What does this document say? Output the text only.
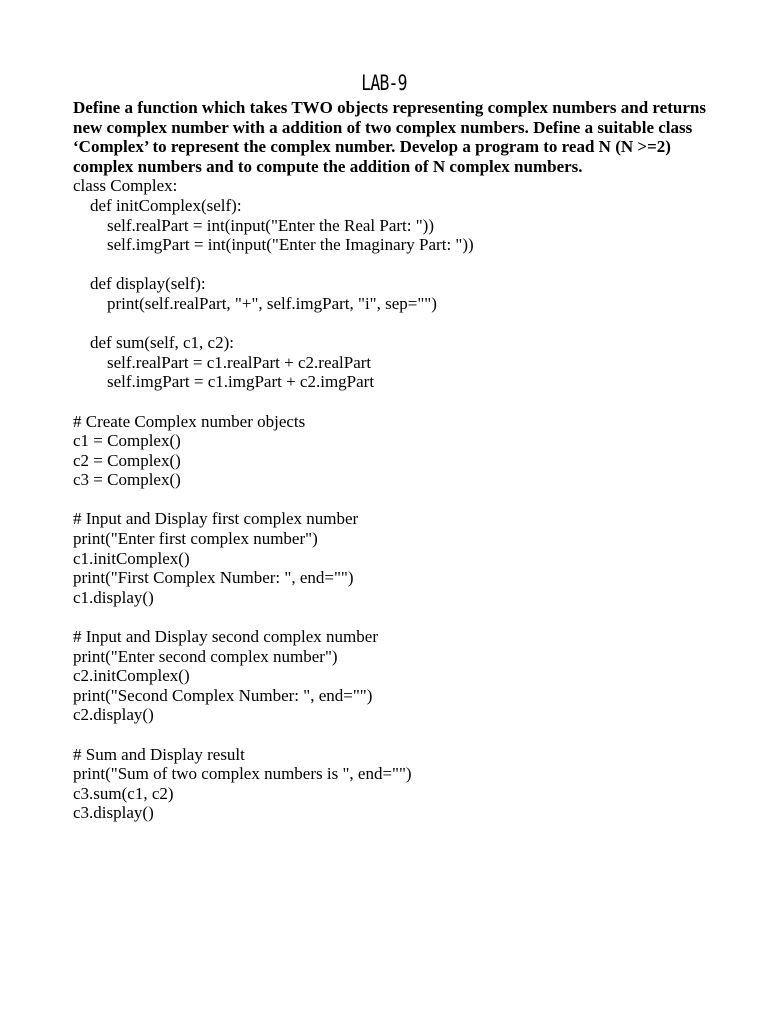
LAB-9

Define a function which takes TWO objects representing complex numbers and returns new complex number with a addition of two complex numbers. Define a suitable class ‘Complex’ to represent the complex number. Develop a program to read N (N >=2) complex numbers and to compute the addition of N complex numbers.

class Complex:
def initComplex(self):
self.realPart = int(input("Enter the Real Part: "))
self.imgPart = int(input("Enter the Imaginary Part: "))
def display(self):
print(self.realPart, "+", self.imgPart, "i", sep="")
def sum(self, c1, c2):
self.realPart = c1.realPart + c2.realPart
self.imgPart = c1.imgPart + c2.imgPart
# Create Complex number objects
c1 = Complex()
c2 = Complex()
c3 = Complex()
# Input and Display first complex number
print("Enter first complex number")
c1.initComplex()
print("First Complex Number: ", end="")
c1.display()
# Input and Display second complex number
print("Enter second complex number")
c2.initComplex()
print("Second Complex Number: ", end="")
c2.display()
# Sum and Display result
print("Sum of two complex numbers is ", end="")
c3.sum(c1, c2)
c3.display()
